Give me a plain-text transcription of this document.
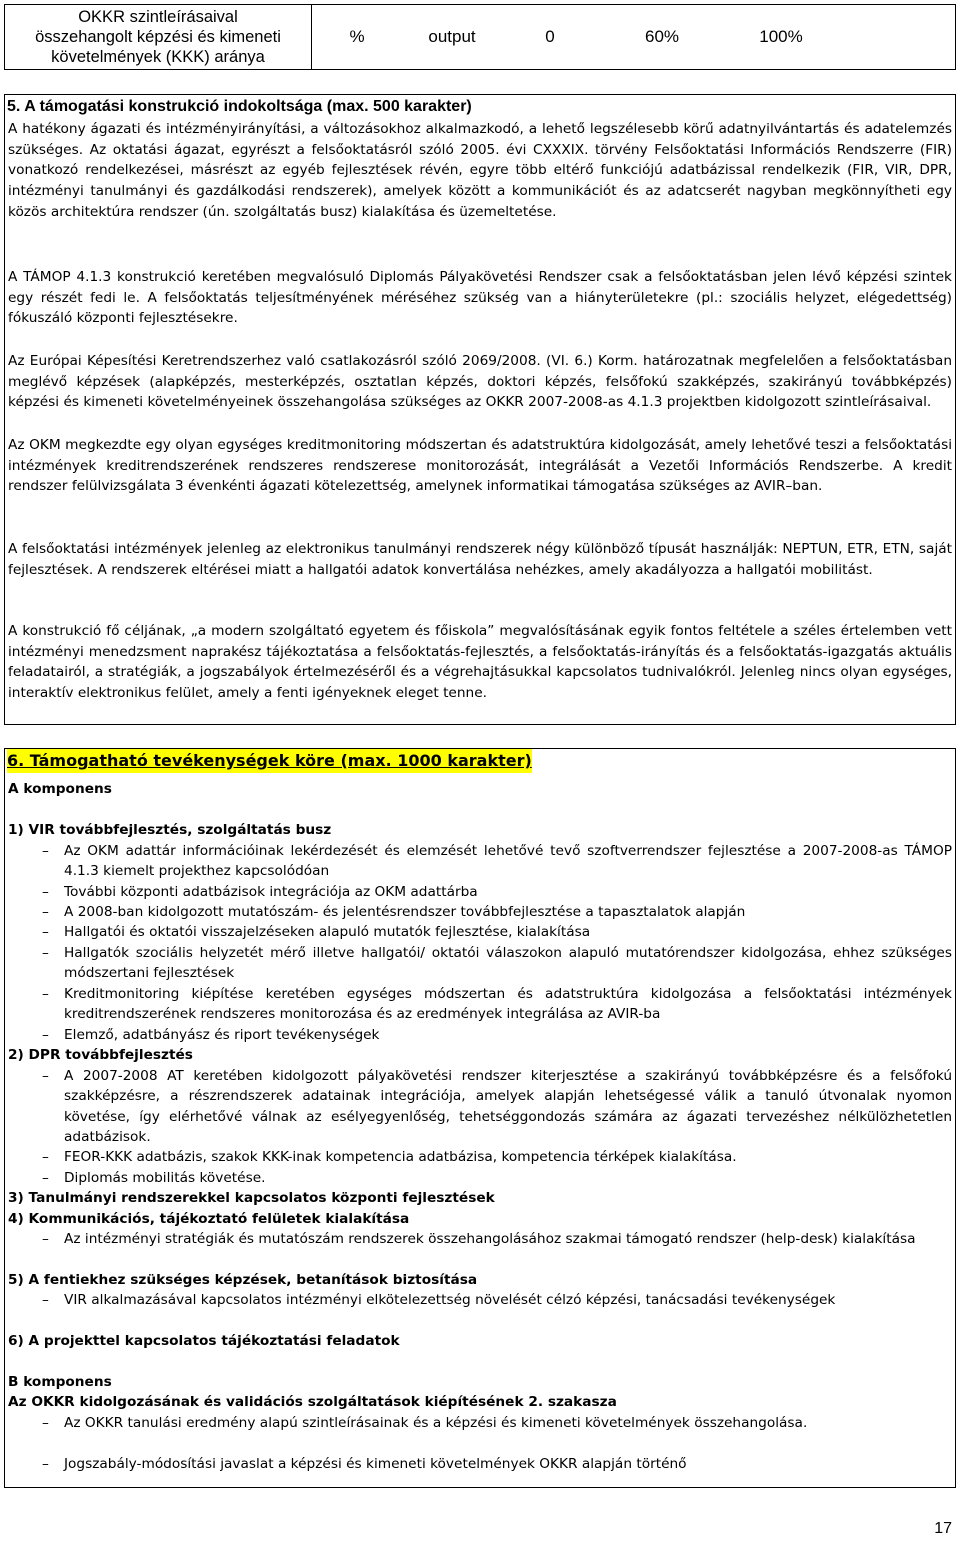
OKKR szintleírásaival
összehangolt képzési és kimeneti
követelmények (KKK) aránya
%	output	0	60%	100%
5. A támogatási konstrukció indokoltsága (max. 500 karakter)
A hatékony ágazati és intézményirányítási, a változásokhoz alkalmazkodó, a lehető legszélesebb körű adatnyilvántartás és adatelemzés szükséges. Az oktatási ágazat, egyrészt a felsőoktatásról szóló 2005. évi CXXXIX. törvény Felsőoktatási Információs Rendszerre (FIR) vonatkozó rendelkezései, másrészt az egyéb fejlesztések révén, egyre több eltérő funkciójú adatbázissal rendelkezik (FIR, VIR, DPR, intézményi tanulmányi és gazdálkodási rendszerek), amelyek között a kommunikációt és az adatcserét nagyban megkönnyítheti egy közös architektúra rendszer (ún. szolgáltatás busz) kialakítása és üzemeltetése.
A TÁMOP 4.1.3 konstrukció keretében megvalósuló Diplomás Pályakövetési Rendszer csak a felsőoktatásban jelen lévő képzési szintek egy részét fedi le. A felsőoktatás teljesítményének méréséhez szükség van a hiányterületekre (pl.: szociális helyzet, elégedettség) fókuszáló központi fejlesztésekre.
Az Európai Képesítési Keretrendszerhez való csatlakozásról szóló 2069/2008. (VI. 6.) Korm. határozatnak megfelelően a felsőoktatásban meglévő képzések (alapképzés, mesterképzés, osztatlan képzés, doktori képzés, felsőfokú szakképzés, szakirányú továbbképzés) képzési és kimeneti követelményeinek összehangolása szükséges az OKKR 2007-2008-as 4.1.3 projektben kidolgozott szintleírásaival.
Az OKM megkezdte egy olyan egységes kreditmonitoring módszertan és adatstruktúra kidolgozását, amely lehetővé teszi a felsőoktatási intézmények kreditrendszerének rendszeres rendszerese monitorozását, integrálását a Vezetői Információs Rendszerbe. A kredit rendszer felülvizsgálata 3 évenkénti ágazati kötelezettség, amelynek informatikai támogatása szükséges az AVIR–ban.
A felsőoktatási intézmények jelenleg az elektronikus tanulmányi rendszerek négy különböző típusát használják: NEPTUN, ETR, ETN, saját fejlesztések. A rendszerek eltérései miatt a hallgatói adatok konvertálása nehézkes, amely akadályozza a hallgatói mobilitást.
A konstrukció fő céljának, „a modern szolgáltató egyetem és főiskola” megvalósításának egyik fontos feltétele a széles értelemben vett intézményi menedzsment naprakész tájékoztatása a felsőoktatás-fejlesztés, a felsőoktatás-irányítás és a felsőoktatás-igazgatás aktuális feladatairól, a stratégiák, a jogszabályok értelmezéséről és a végrehajtásukkal kapcsolatos tudnivalókról. Jelenleg nincs olyan egységes, interaktív elektronikus felület, amely a fenti igényeknek eleget tenne.
6. Támogatható tevékenységek köre (max. 1000 karakter)
A komponens
1) VIR továbbfejlesztés, szolgáltatás busz
– Az OKM adattár információinak lekérdezését és elemzését lehetővé tevő szoftverrendszer fejlesztése a 2007-2008-as TÁMOP 4.1.3 kiemelt projekthez kapcsolódóan
– További központi adatbázisok integrációja az OKM adattárba
– A 2008-ban kidolgozott mutatószám- és jelentésrendszer továbbfejlesztése a tapasztalatok alapján
– Hallgatói és oktatói visszajelzéseken alapuló mutatók fejlesztése, kialakítása
– Hallgatók szociális helyzetét mérő illetve hallgatói/ oktatói válaszokon alapuló mutatórendszer kidolgozása, ehhez szükséges módszertani fejlesztések
– Kreditmonitoring kiépítése keretében egységes módszertan és adatstruktúra kidolgozása a felsőoktatási intézmények kreditrendszerének rendszeres monitorozása és az eredmények integrálása az AVIR-ba
– Elemző, adatbányász és riport tevékenységek
2) DPR továbbfejlesztés
– A 2007-2008 AT keretében kidolgozott pályakövetési rendszer kiterjesztése a szakirányú továbbképzésre és a felsőfokú szakképzésre, a részrendszerek adatainak integrációja, amelyek alapján lehetségessé válik a tanuló útvonalak nyomon követése, így elérhetővé válnak az esélyegyenlőség, tehetséggondozás számára az ágazati tervezéshez nélkülözhetetlen adatbázisok.
– FEOR-KKK adatbázis, szakok KKK-inak kompetencia adatbázisa, kompetencia térképek kialakítása.
– Diplomás mobilitás követése.
3) Tanulmányi rendszerekkel kapcsolatos központi fejlesztések
4) Kommunikációs, tájékoztató felületek kialakítása
– Az intézményi stratégiák és mutatószám rendszerek összehangolásához szakmai támogató rendszer (help-desk) kialakítása
5) A fentiekhez szükséges képzések, betanítások biztosítása
– VIR alkalmazásával kapcsolatos intézményi elkötelezettség növelését célzó képzési, tanácsadási tevékenységek
6) A projekttel kapcsolatos tájékoztatási feladatok
B komponens
Az OKKR kidolgozásának és validációs szolgáltatások kiépítésének 2. szakasza
– Az OKKR tanulási eredmény alapú szintleírásainak és a képzési és kimeneti követelmények összehangolása.
– Jogszabály-módosítási javaslat a képzési és kimeneti követelmények OKKR alapján történő
17
